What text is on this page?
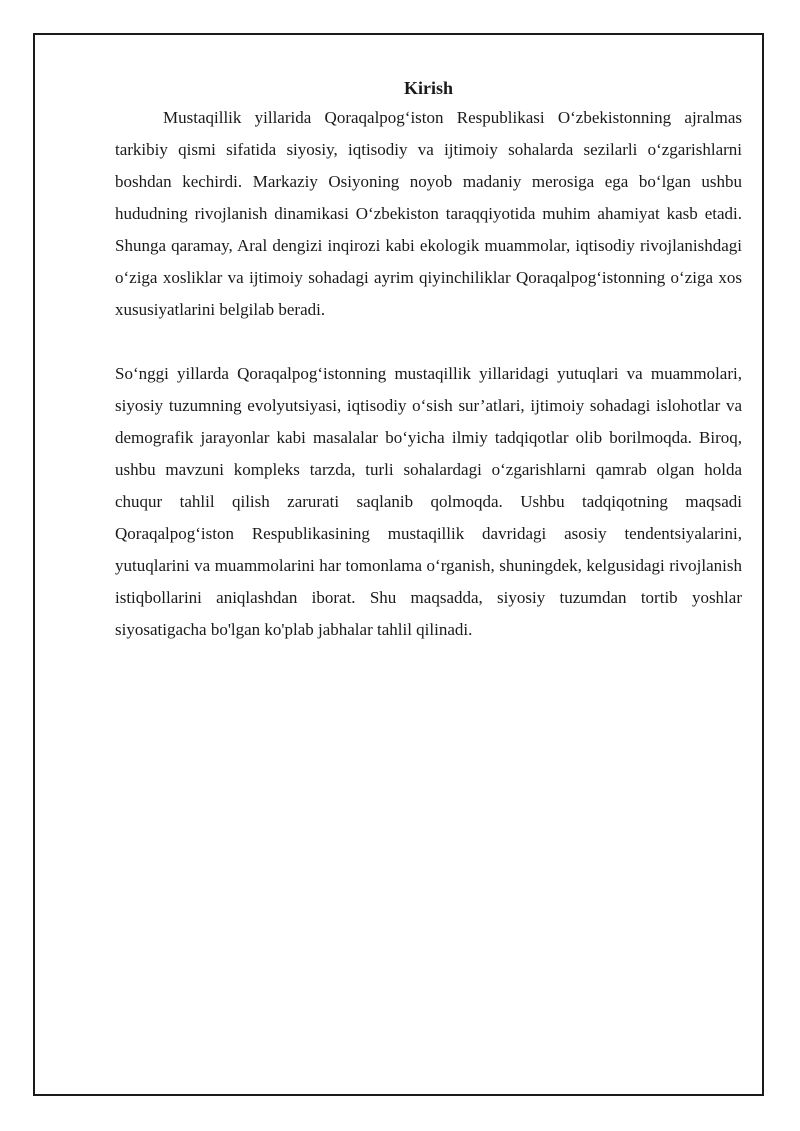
Kirish

Mustaqillik yillarida Qoraqalpog‘iston Respublikasi O‘zbekistonning ajralmas tarkibiy qismi sifatida siyosiy, iqtisodiy va ijtimoiy sohalarda sezilarli o‘zgarishlarni boshdan kechirdi. Markaziy Osiyoning noyob madaniy merosiga ega bo‘lgan ushbu hududning rivojlanish dinamikasi O‘zbekiston taraqqiyotida muhim ahamiyat kasb etadi. Shunga qaramay, Aral dengizi inqirozi kabi ekologik muammolar, iqtisodiy rivojlanishdagi o‘ziga xosliklar va ijtimoiy sohadagi ayrim qiyinchiliklar Qoraqalpog‘istonning o‘ziga xos xususiyatlarini belgilab beradi.

So‘nggi yillarda Qoraqalpog‘istonning mustaqillik yillaridagi yutuqlari va muammolari, siyosiy tuzumning evolyutsiyasi, iqtisodiy o‘sish sur’atlari, ijtimoiy sohadagi islohotlar va demografik jarayonlar kabi masalalar bo‘yicha ilmiy tadqiqotlar olib borilmoqda. Biroq, ushbu mavzuni kompleks tarzda, turli sohalardagi o‘zgarishlarni qamrab olgan holda chuqur tahlil qilish zarurati saqlanib qolmoqda. Ushbu tadqiqotning maqsadi Qoraqalpog‘iston Respublikasining mustaqillik davridagi asosiy tendentsiyalarini, yutuqlarini va muammolarini har tomonlama o‘rganish, shuningdek, kelgusidagi rivojlanish istiqbollarini aniqlashdan iborat. Shu maqsadda, siyosiy tuzumdan tortib yoshlar siyosatigacha bo'lgan ko'plab jabhalar tahlil qilinadi.
